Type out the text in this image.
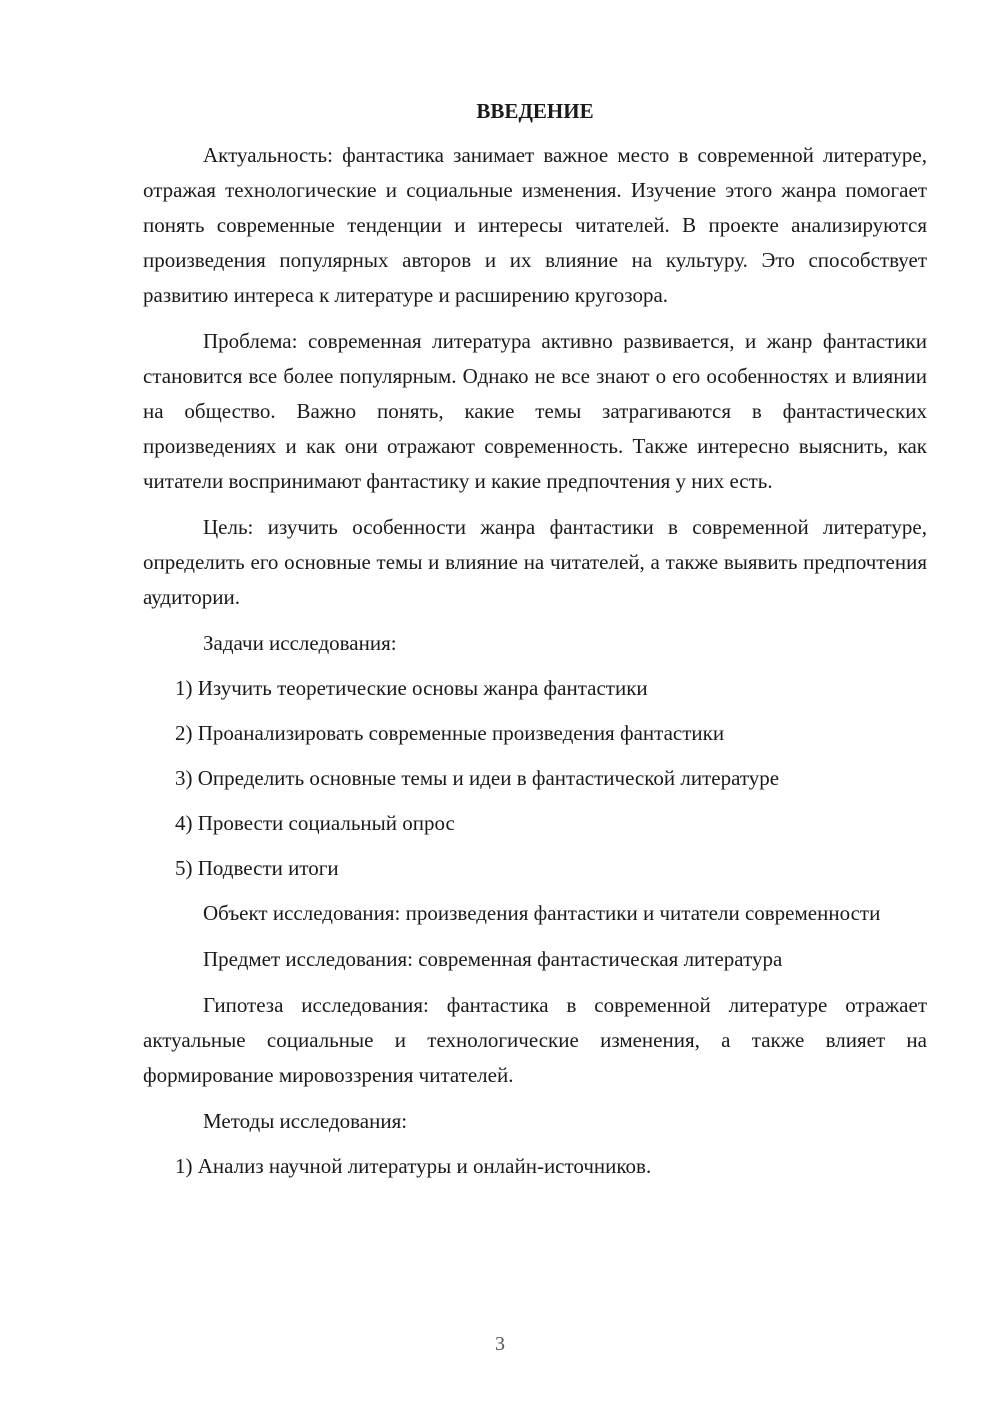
ВВЕДЕНИЕ

Актуальность: фантастика занимает важное место в современной литературе, отражая технологические и социальные изменения. Изучение этого жанра помогает понять современные тенденции и интересы читателей. В проекте анализируются произведения популярных авторов и их влияние на культуру. Это способствует развитию интереса к литературе и расширению кругозора.

Проблема: современная литература активно развивается, и жанр фантастики становится все более популярным. Однако не все знают о его особенностях и влиянии на общество. Важно понять, какие темы затрагиваются в фантастических произведениях и как они отражают современность. Также интересно выяснить, как читатели воспринимают фантастику и какие предпочтения у них есть.

Цель: изучить особенности жанра фантастики в современной литературе, определить его основные темы и влияние на читателей, а также выявить предпочтения аудитории.

Задачи исследования:

1) Изучить теоретические основы жанра фантастики
2) Проанализировать современные произведения фантастики
3) Определить основные темы и идеи в фантастической литературе
4) Провести социальный опрос
5) Подвести итоги

Объект исследования: произведения фантастики и читатели современности

Предмет исследования: современная фантастическая литература

Гипотеза исследования: фантастика в современной литературе отражает актуальные социальные и технологические изменения, а также влияет на формирование мировоззрения читателей.

Методы исследования:

1) Анализ научной литературы и онлайн-источников.
3
